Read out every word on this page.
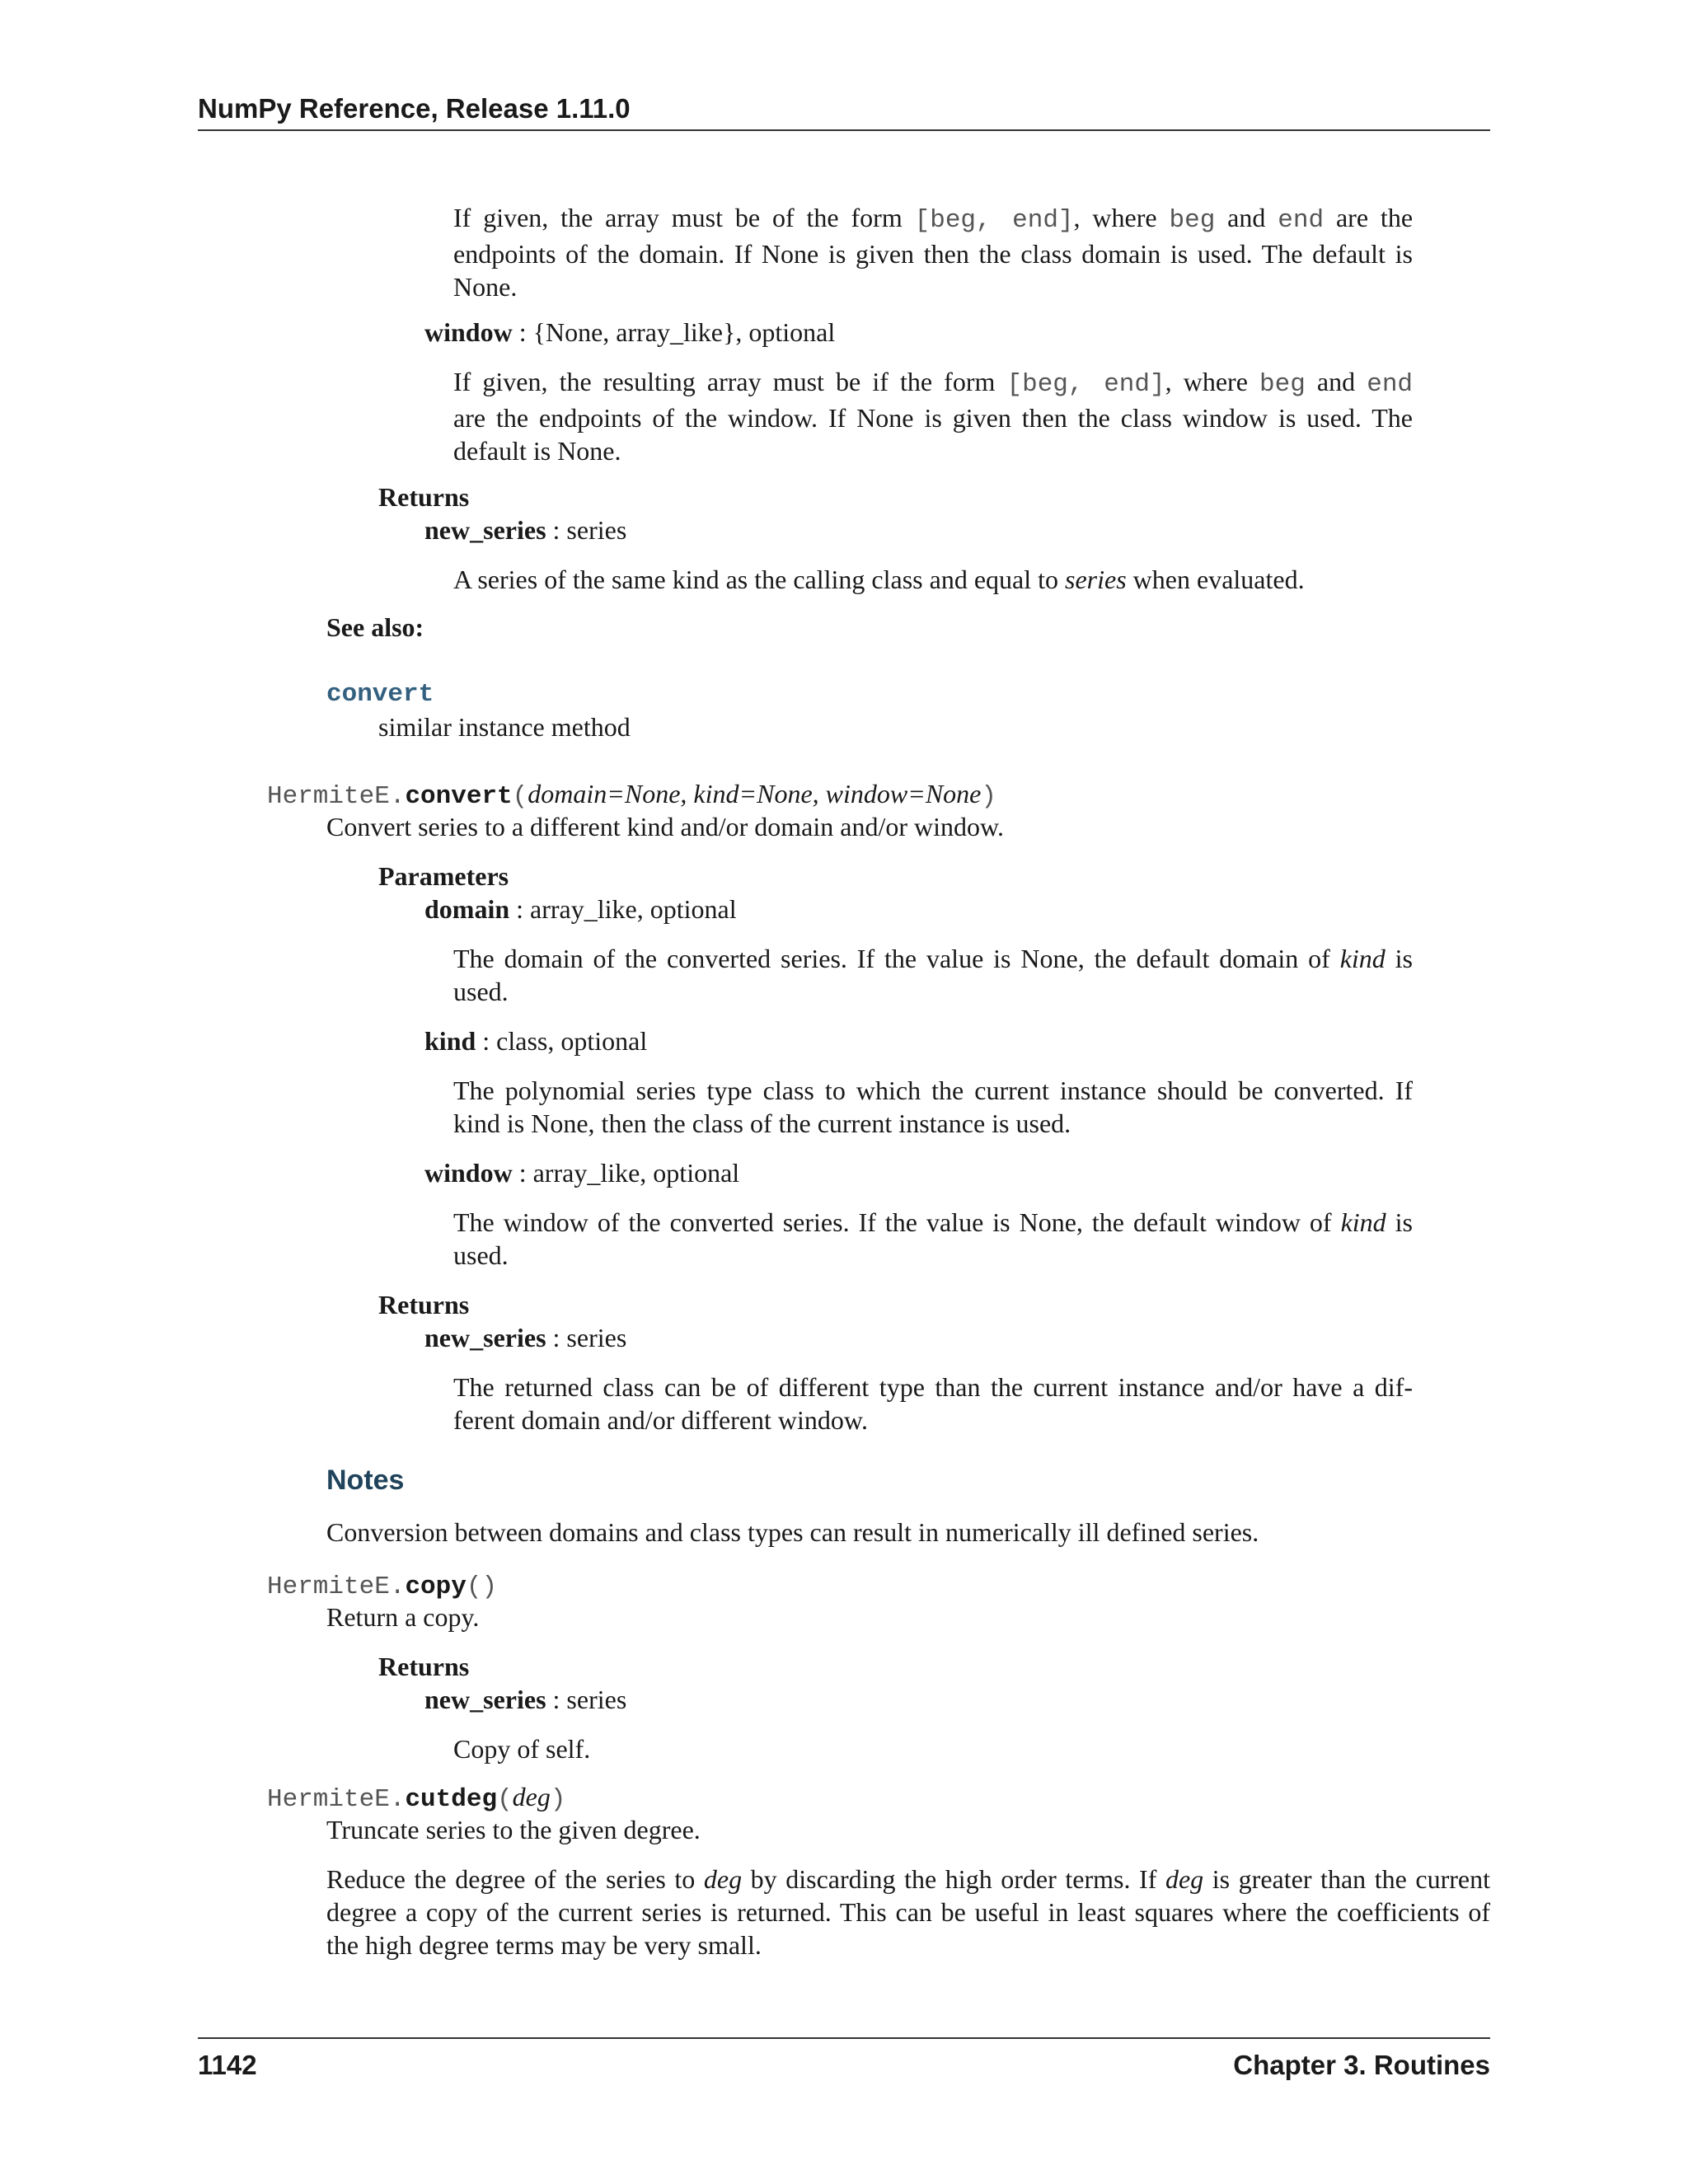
NumPy Reference, Release 1.11.0
If given, the array must be of the form [beg, end], where beg and end are the
endpoints of the domain. If None is given then the class domain is used. The default is
None.
window : {None, array_like}, optional
If given, the resulting array must be if the form [beg, end], where beg and end
are the endpoints of the window. If None is given then the class window is used. The
default is None.
Returns
new_series : series
A series of the same kind as the calling class and equal to series when evaluated.
See also:
convert
similar instance method
HermiteE.convert(domain=None, kind=None, window=None)
Convert series to a different kind and/or domain and/or window.
Parameters
domain : array_like, optional
The domain of the converted series. If the value is None, the default domain of kind is
used.
kind : class, optional
The polynomial series type class to which the current instance should be converted. If
kind is None, then the class of the current instance is used.
window : array_like, optional
The window of the converted series. If the value is None, the default window of kind is
used.
Returns
new_series : series
The returned class can be of different type than the current instance and/or have a dif-
ferent domain and/or different window.
Notes
Conversion between domains and class types can result in numerically ill defined series.
HermiteE.copy()
Return a copy.
Returns
new_series : series
Copy of self.
HermiteE.cutdeg(deg)
Truncate series to the given degree.
Reduce the degree of the series to deg by discarding the high order terms. If deg is greater than the current
degree a copy of the current series is returned. This can be useful in least squares where the coefficients of
the high degree terms may be very small.
1142	Chapter 3. Routines
